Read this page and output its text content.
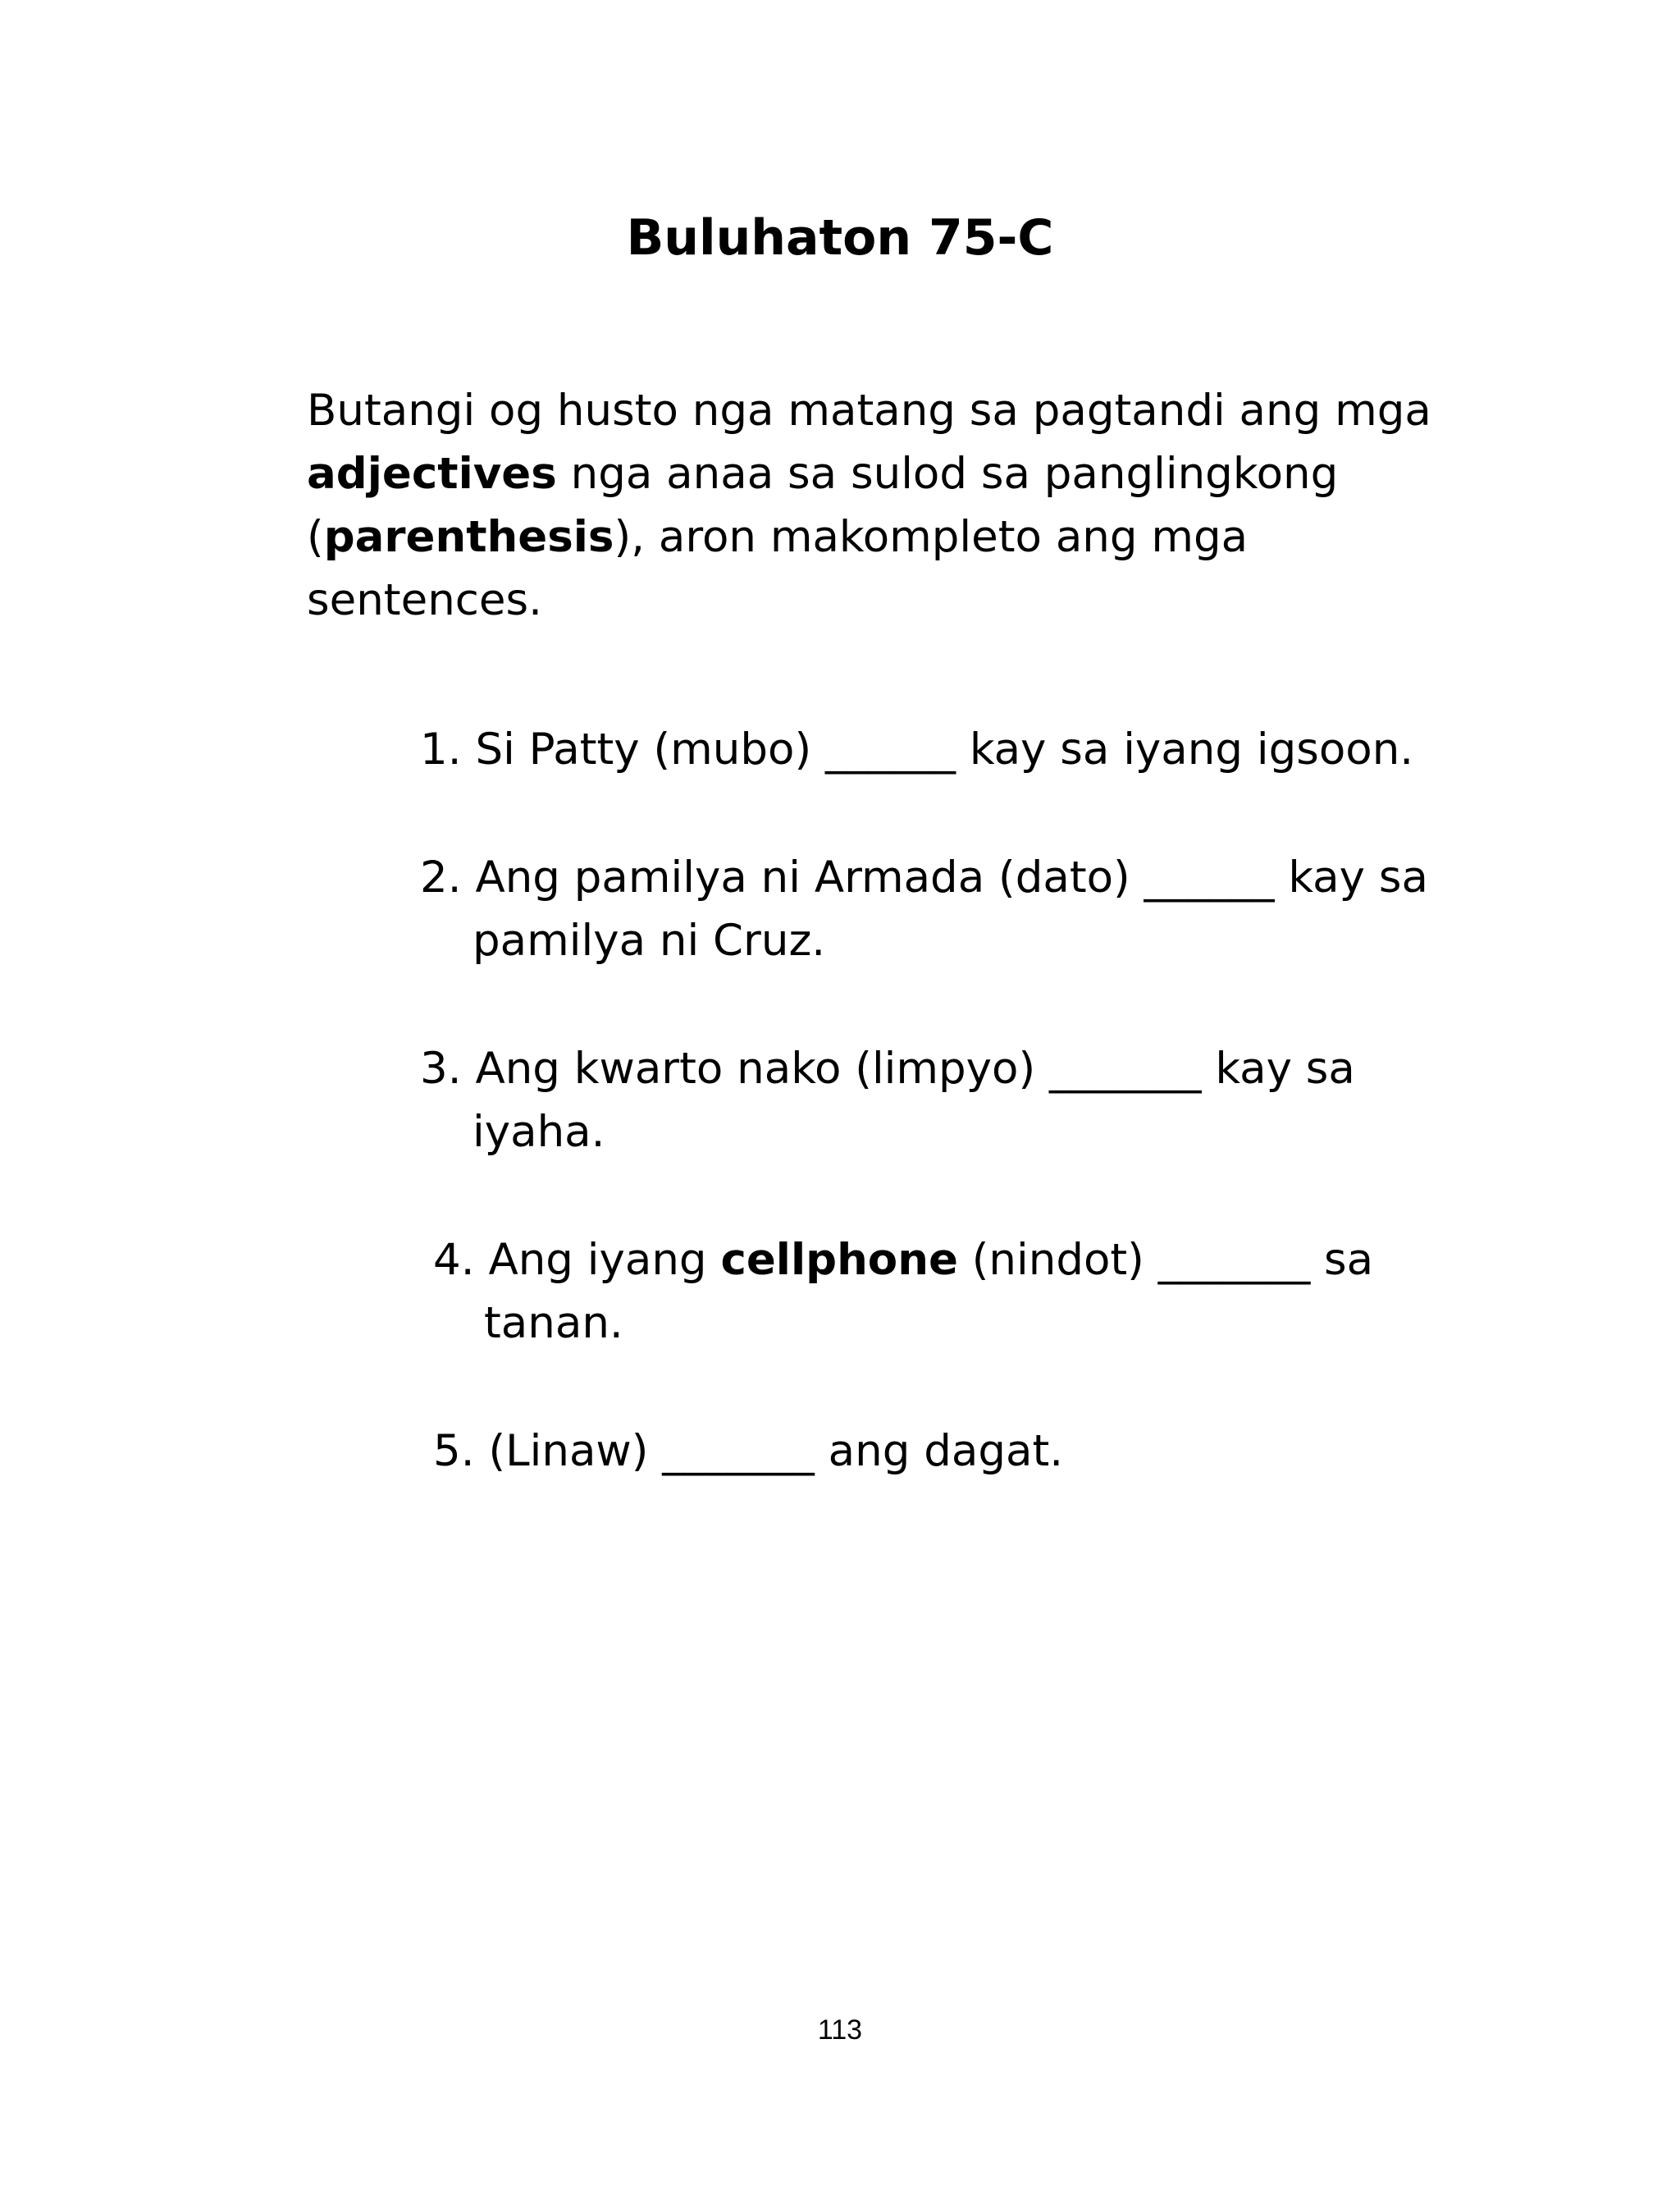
Buluhaton 75-C

Butangi og husto nga matang sa pagtandi ang mga adjectives nga anaa sa sulod sa panglingkong (parenthesis), aron makompleto ang mga sentences.

1. Si Patty (mubo) ______ kay sa iyang igsoon.

2. Ang pamilya ni Armada (dato) ______ kay sa
pamilya ni Cruz.

3. Ang kwarto nako (limpyo) _______ kay sa
iyaha.

4. Ang iyang cellphone (nindot) _______ sa
tanan.

5. (Linaw) _______ ang dagat.

113
